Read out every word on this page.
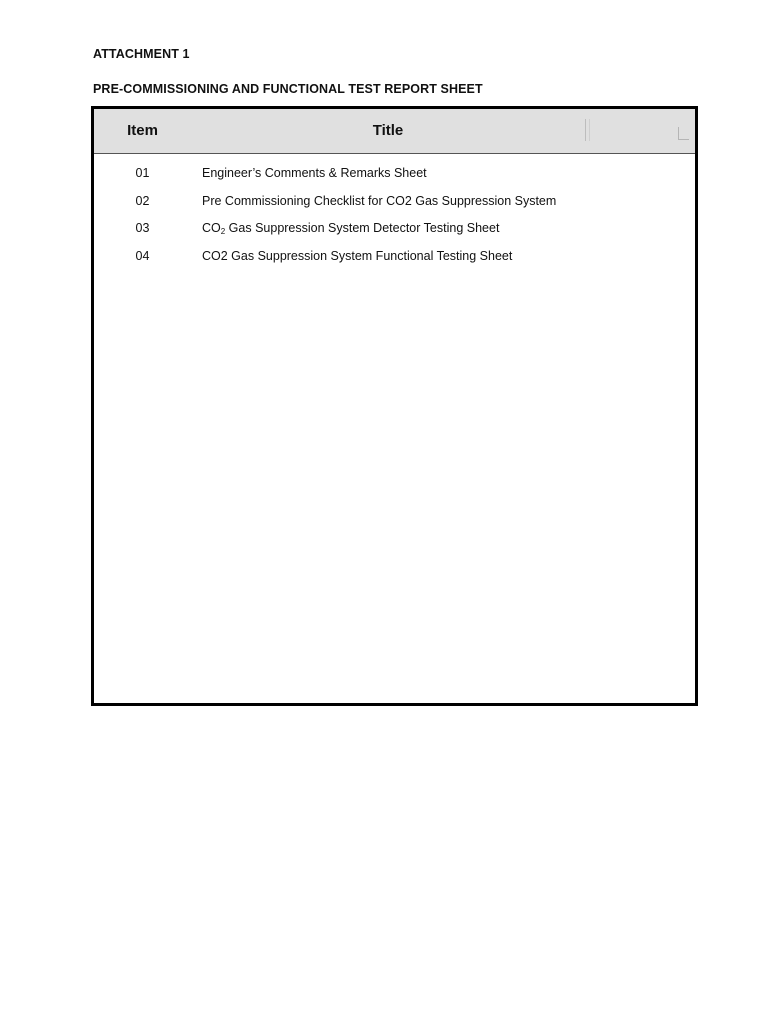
ATTACHMENT 1
PRE-COMMISSIONING AND FUNCTIONAL TEST REPORT SHEET
Item	Title
01	Engineer’s Comments & Remarks Sheet
02	Pre Commissioning Checklist for CO2 Gas Suppression System
03	$CO_2$ Gas Suppression System Detector Testing Sheet
04	CO2 Gas Suppression System Functional Testing Sheet
